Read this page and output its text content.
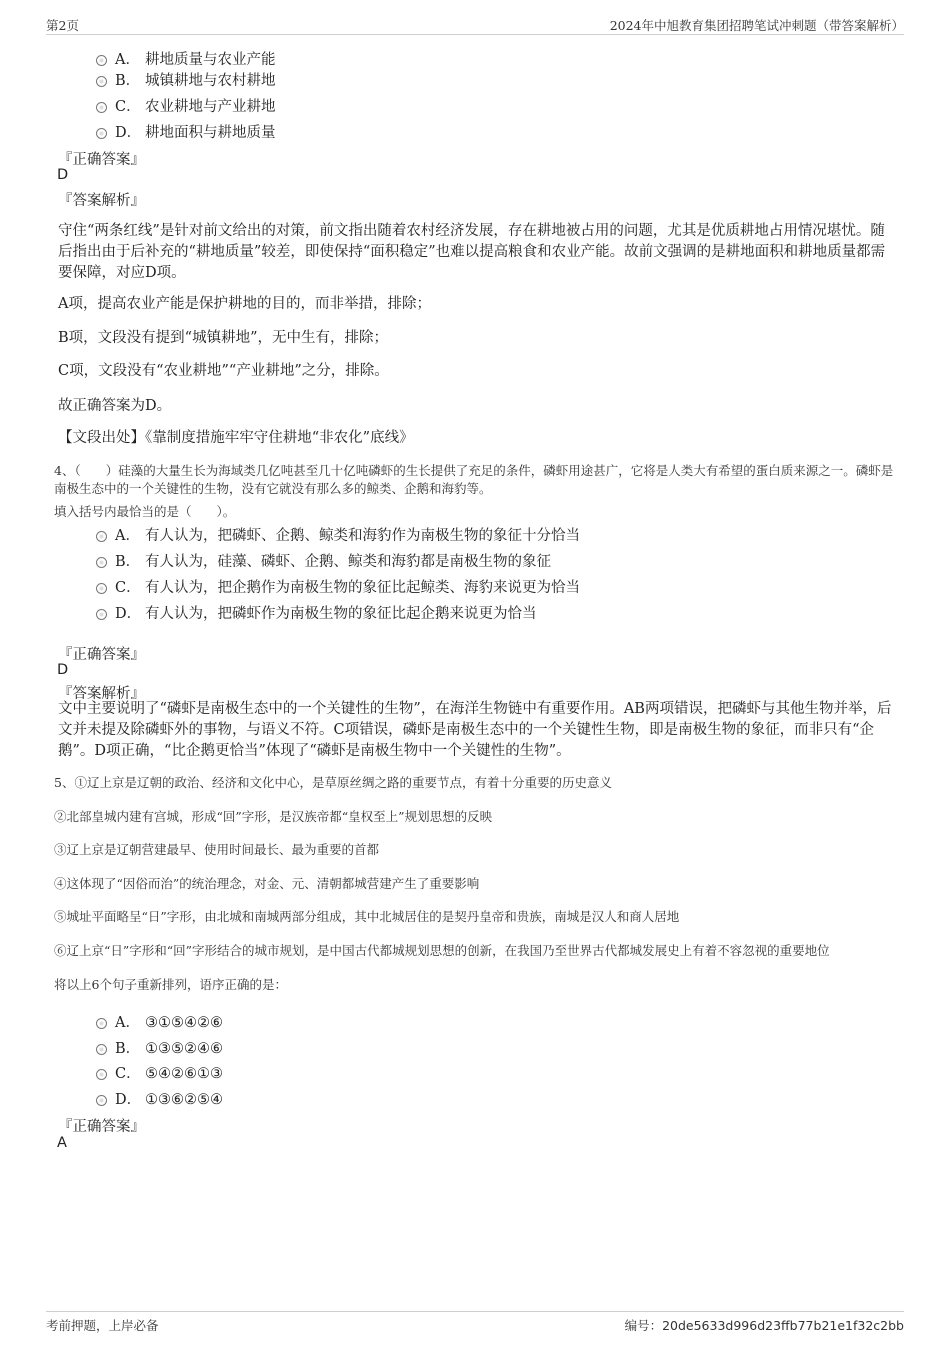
第2页	2024年中旭教育集团招聘笔试冲刺题（带答案解析）
A． 耕地质量与农业产能
B． 城镇耕地与农村耕地
C． 农业耕地与产业耕地
D． 耕地面积与耕地质量
『正确答案』
D
『答案解析』
守住“两条红线”是针对前文给出的对策，前文指出随着农村经济发展，存在耕地被占用的问题，尤其是优质耕地占用情况堪忧。随后指出由于后补充的“耕地质量”较差，即使保持“面积稳定”也难以提高粮食和农业产能。故前文强调的是耕地面积和耕地质量都需要保障，对应D项。
A项，提高农业产能是保护耕地的目的，而非举措，排除；
B项，文段没有提到“城镇耕地”，无中生有，排除；
C项，文段没有“农业耕地”“产业耕地”之分，排除。
故正确答案为D。
【文段出处】《靠制度措施牢牢守住耕地“非农化”底线》
4、（　　）硅藻的大量生长为海域类几亿吨甚至几十亿吨磷虾的生长提供了充足的条件，磷虾用途甚广，它将是人类大有希望的蛋白质来源之一。磷虾是南极生态中的一个关键性的生物，没有它就没有那么多的鲸类、企鹅和海豹等。
填入括号内最恰当的是（　　）。
A． 有人认为，把磷虾、企鹅、鲸类和海豹作为南极生物的象征十分恰当
B． 有人认为，硅藻、磷虾、企鹅、鲸类和海豹都是南极生物的象征
C． 有人认为，把企鹅作为南极生物的象征比起鲸类、海豹来说更为恰当
D． 有人认为，把磷虾作为南极生物的象征比起企鹅来说更为恰当
『正确答案』
D
『答案解析』
文中主要说明了“磷虾是南极生态中的一个关键性的生物”，在海洋生物链中有重要作用。AB两项错误，把磷虾与其他生物并举，后文并未提及除磷虾外的事物，与语义不符。C项错误，磷虾是南极生态中的一个关键性生物，即是南极生物的象征，而非只有“企鹅”。D项正确，“比企鹅更恰当”体现了“磷虾是南极生物中一个关键性的生物”。
5、①辽上京是辽朝的政治、经济和文化中心，是草原丝绸之路的重要节点，有着十分重要的历史意义
②北部皇城内建有宫城，形成“回”字形，是汉族帝都“皇权至上”规划思想的反映
③辽上京是辽朝营建最早、使用时间最长、最为重要的首都
④这体现了“因俗而治”的统治理念，对金、元、清朝都城营建产生了重要影响
⑤城址平面略呈“日”字形，由北城和南城两部分组成，其中北城居住的是契丹皇帝和贵族，南城是汉人和商人居地
⑥辽上京“日”字形和“回”字形结合的城市规划，是中国古代都城规划思想的创新，在我国乃至世界古代都城发展史上有着不容忽视的重要地位
将以上6个句子重新排列，语序正确的是：
A． ③①⑤④②⑥
B． ①③⑤②④⑥
C． ⑤④②⑥①③
D． ①③⑥②⑤④
『正确答案』
A
考前押题，上岸必备	编号：20de5633d996d23ffb77b21e1f32c2bb
